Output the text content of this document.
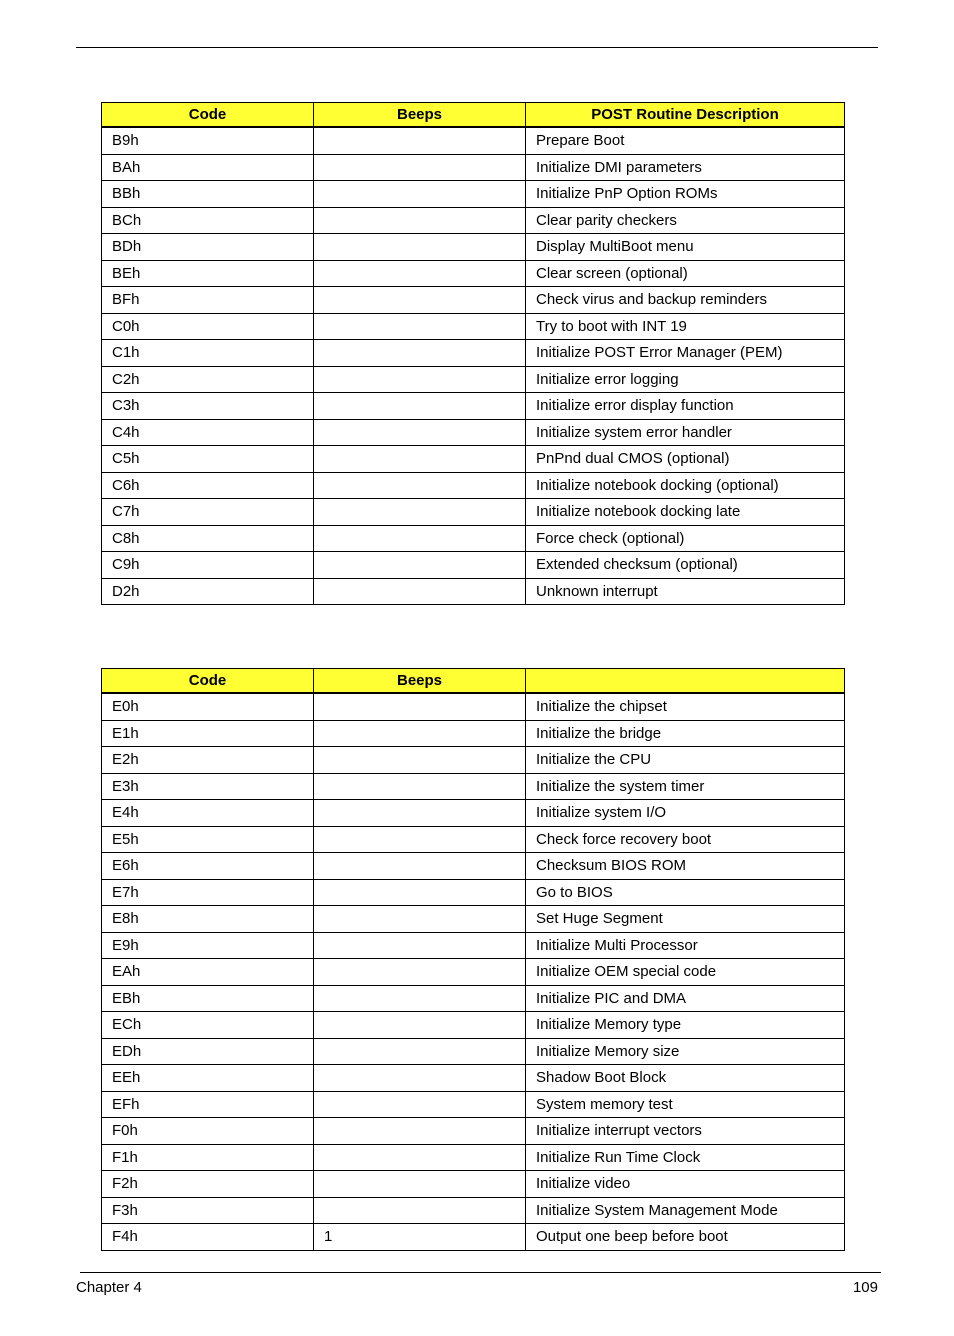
Code	Beeps	POST Routine Description
B9h		Prepare Boot
BAh		Initialize DMI parameters
BBh		Initialize PnP Option ROMs
BCh		Clear parity checkers
BDh		Display MultiBoot menu
BEh		Clear screen (optional)
BFh		Check virus and backup reminders
C0h		Try to boot with INT 19
C1h		Initialize POST Error Manager (PEM)
C2h		Initialize error logging
C3h		Initialize error display function
C4h		Initialize system error handler
C5h		PnPnd dual CMOS (optional)
C6h		Initialize notebook docking (optional)
C7h		Initialize notebook docking late
C8h		Force check (optional)
C9h		Extended checksum (optional)
D2h		Unknown interrupt
Code	Beeps	
E0h		Initialize the chipset
E1h		Initialize the bridge
E2h		Initialize the CPU
E3h		Initialize the system timer
E4h		Initialize system I/O
E5h		Check force recovery boot
E6h		Checksum BIOS ROM
E7h		Go to BIOS
E8h		Set Huge Segment
E9h		Initialize Multi Processor
EAh		Initialize OEM special code
EBh		Initialize PIC and DMA
ECh		Initialize Memory type
EDh		Initialize Memory size
EEh		Shadow Boot Block
EFh		System memory test
F0h		Initialize interrupt vectors
F1h		Initialize Run Time Clock
F2h		Initialize video
F3h		Initialize System Management Mode
F4h	1	Output one beep before boot
Chapter 4	109
